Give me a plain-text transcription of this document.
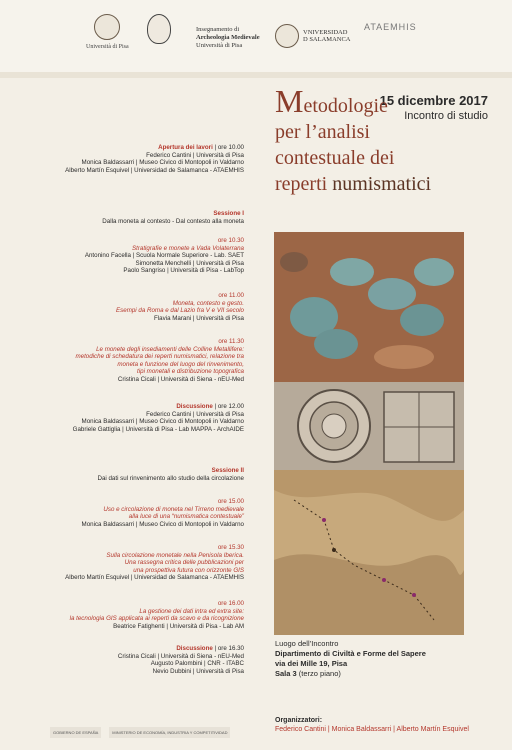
Università di Pisa
Insegnamento di
Archeologia Medievale
Università di Pisa
VNIVERSIDAD
D SALAMANCA
ATAEMHIS
15 dicembre 2017
Incontro di studio
Apertura dei lavori | ore 10.00
Federico Cantini | Università di Pisa
Monica Baldassarri | Museo Civico di Montopoli in Valdarno
Alberto Martín Esquivel | Universidad de Salamanca - ATAEMHIS
Sessione I
Dalla moneta al contesto - Dal contesto alla moneta
ore 10.30
Stratigrafie e monete a Vada Volaterrana
Antonino Facella | Scuola Normale Superiore - Lab. SAET
Simonetta Menchelli | Università di Pisa
Paolo Sangriso | Università di Pisa - LabTop
ore 11.00
Moneta, contesto e gesto.
Esempi da Roma e dal Lazio fra V e VII secolo
Flavia Marani | Università di Pisa
ore 11.30
Le monete degli insediamenti delle Colline Metallifere:
metodiche di schedatura dei reperti numismatici, relazione tra
moneta e funzione del luogo del rinvenimento,
tipi monetali e distribuzione topografica
Cristina Cicali | Università di Siena - nEU-Med
Discussione | ore 12.00
Federico Cantini | Università di Pisa
Monica Baldassarri | Museo Civico di Montopoli in Valdarno
Gabriele Gattiglia | Università di Pisa - Lab MAPPA - ArchAIDE
Sessione II
Dai dati sul rinvenimento allo studio della circolazione
ore 15.00
Uso e circolazione di moneta nel Tirreno medievale
alla luce di una “numismatica contestuale”
Monica Baldassarri | Museo Civico di Montopoli in Valdarno
ore 15.30
Sulla circolazione monetale nella Penisola Iberica.
Una rassegna critica delle pubblicazioni per
una prospettiva futura con orizzonte GIS
Alberto Martín Esquivel | Universidad de Salamanca - ATAEMHIS
ore 16.00
La gestione dei dati intra ed extra site:
la tecnologia GIS applicata ai reperti da scavo e da ricognizione
Beatrice Fatighenti | Università di Pisa - Lab AM
Discussione | ore 16.30
Cristina Cicali | Università di Siena - nEU-Med
Augusto Palombini | CNR - ITABC
Nevio Dubbini | Università di Pisa
Metodologie
per l’analisi
contestuale dei
reperti numismatici
Luogo dell’Incontro
Dipartimento di Civiltà e Forme del Sapere
via dei Mille 19, Pisa
Sala 3 (terzo piano)
Organizzatori:
Federico Cantini | Monica Baldassarri | Alberto Martín Esquivel
GOBIERNO DE ESPAÑA	MINISTERIO DE ECONOMÍA, INDUSTRIA Y COMPETITIVIDAD
